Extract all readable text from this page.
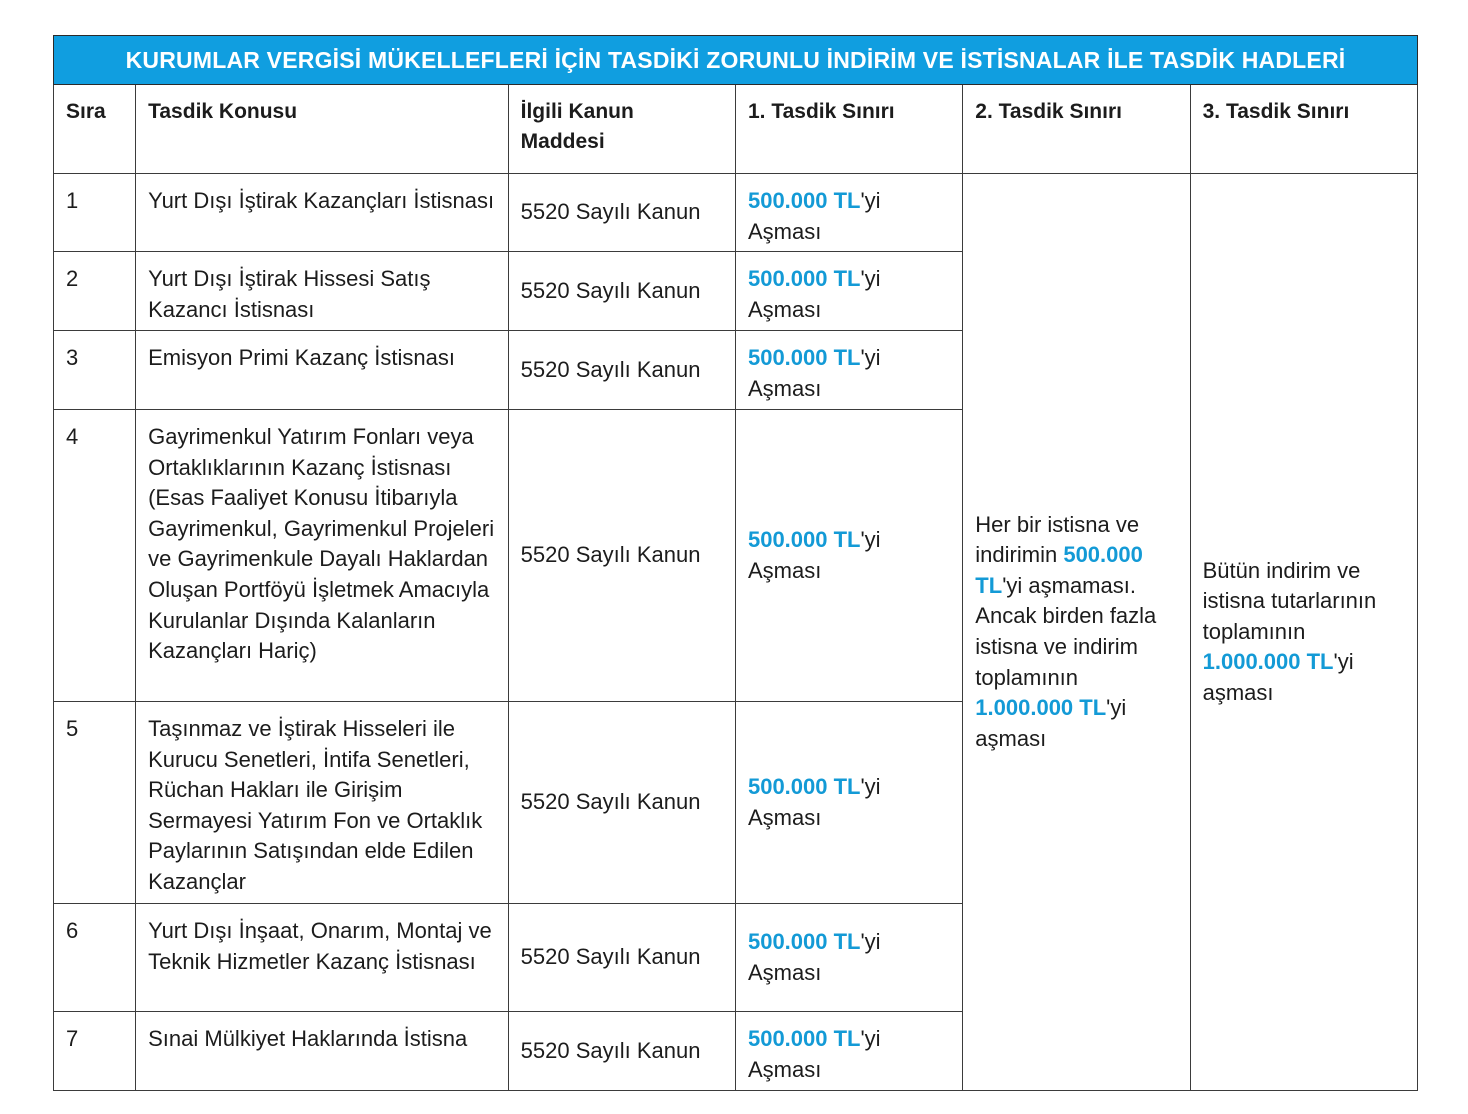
KURUMLAR VERGİSİ MÜKELLEFLERİ İÇİN TASDİKİ ZORUNLU İNDİRİM VE İSTİSNALAR İLE TASDİK HADLERİ					
Sıra	Tasdik Konusu	İlgili Kanun Maddesi	1. Tasdik Sınırı	2. Tasdik Sınırı	3. Tasdik Sınırı
1	Yurt Dışı İştirak Kazançları İstisnası	5520 Sayılı Kanun	500.000 TL'yi Aşması	Her bir istisna ve indirimin 500.000 TL'yi aşmaması. Ancak birden fazla istisna ve indirim toplamının 1.000.000 TL'yi aşması	Bütün indirim ve istisna tutarlarının toplamının 1.000.000 TL'yi aşması
2	Yurt Dışı İştirak Hissesi Satış Kazancı İstisnası	5520 Sayılı Kanun	500.000 TL'yi Aşması		
3	Emisyon Primi Kazanç İstisnası	5520 Sayılı Kanun	500.000 TL'yi Aşması		
4	Gayrimenkul Yatırım Fonları veya Ortaklıklarının Kazanç İstisnası (Esas Faaliyet Konusu İtibarıyla Gayrimenkul, Gayrimenkul Projeleri ve Gayrimenkule Dayalı Haklardan Oluşan Portföyü İşletmek Amacıyla Kurulanlar Dışında Kalanların Kazançları Hariç)	5520 Sayılı Kanun	500.000 TL'yi Aşması		
5	Taşınmaz ve İştirak Hisseleri ile Kurucu Senetleri, İntifa Senetleri, Rüchan Hakları ile Girişim Sermayesi Yatırım Fon ve Ortaklık Paylarının Satışından elde Edilen Kazançlar	5520 Sayılı Kanun	500.000 TL'yi Aşması		
6	Yurt Dışı İnşaat, Onarım, Montaj ve Teknik Hizmetler Kazanç İstisnası	5520 Sayılı Kanun	500.000 TL'yi Aşması		
7	Sınai Mülkiyet Haklarında İstisna	5520 Sayılı Kanun	500.000 TL'yi Aşması		
